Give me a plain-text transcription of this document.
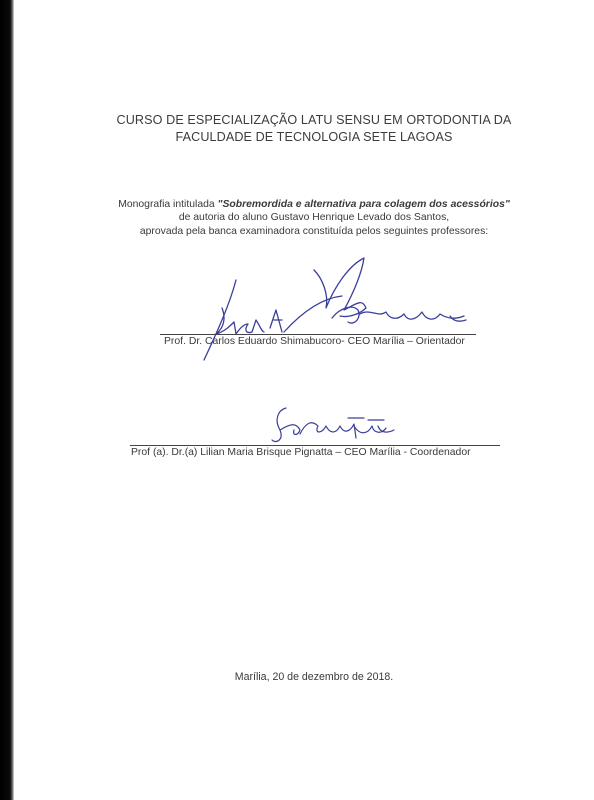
CURSO DE ESPECIALIZAÇÃO LATU SENSU EM ORTODONTIA DA
FACULDADE DE TECNOLOGIA SETE LAGOAS
Monografia intitulada "Sobremordida e alternativa para colagem dos acessórios"
de autoria do aluno Gustavo Henrique Levado dos Santos,
aprovada pela banca examinadora constituída pelos seguintes professores:
Prof. Dr. Carlos Eduardo Shimabucoro- CEO Marília – Orientador
Prof (a). Dr.(a) Lilian Maria Brisque Pignatta – CEO Marília - Coordenador
Marília, 20 de dezembro de 2018.
